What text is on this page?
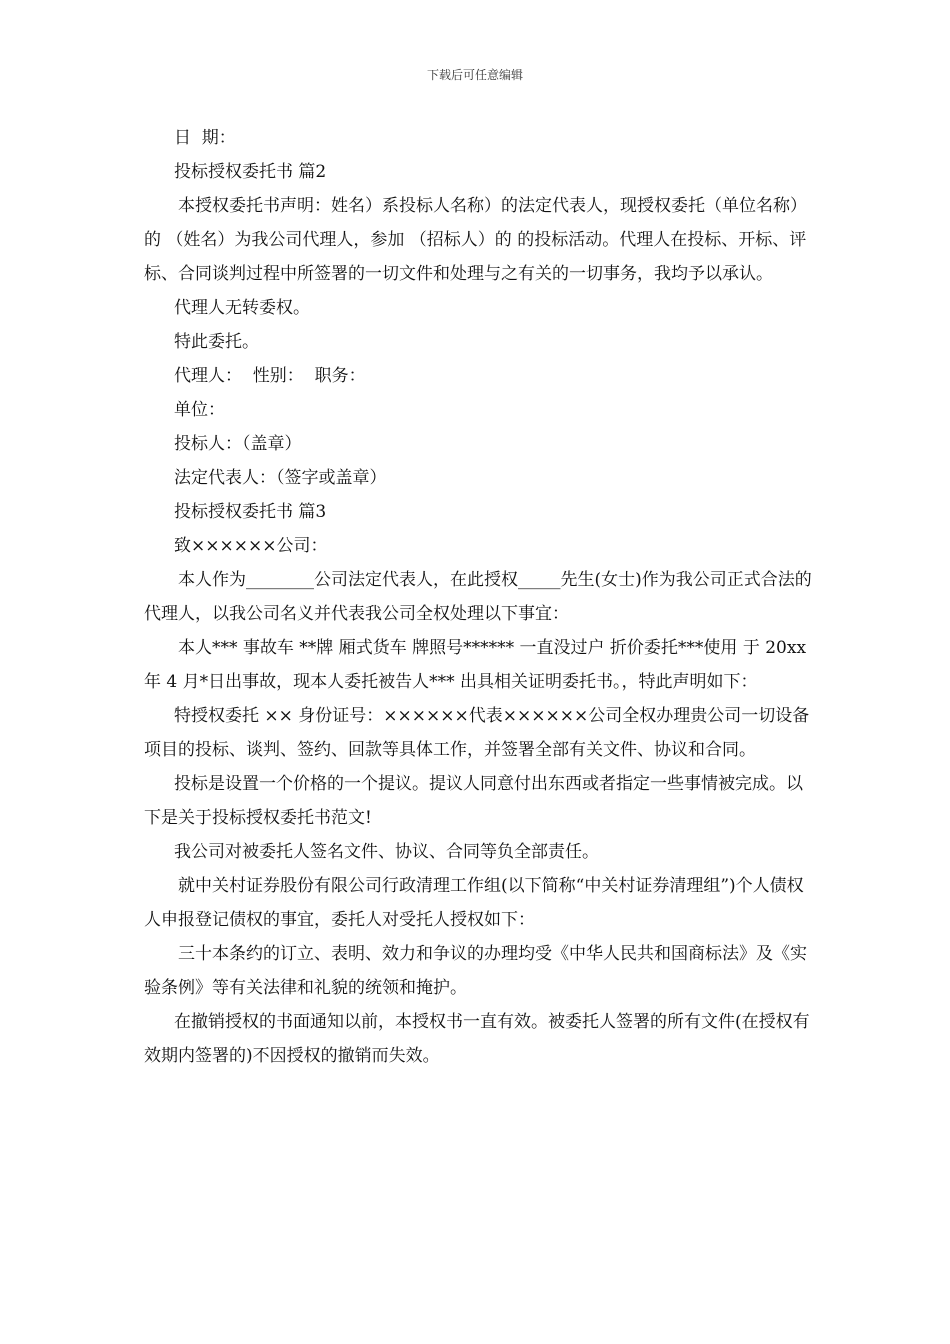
下载后可任意编辑
日  期：
投标授权委托书 篇2
本授权委托书声明：姓名）系投标人名称）的法定代表人，现授权委托（单位名称）的 （姓名）为我公司代理人，参加 （招标人）的 的投标活动。代理人在投标、开标、评标、合同谈判过程中所签署的一切文件和处理与之有关的一切事务，我均予以承认。
代理人无转委权。
特此委托。
代理人：  性别：  职务：
单位：
投标人：（盖章）
法定代表人：（签字或盖章）
投标授权委托书 篇3
致××××××公司：
本人作为________公司法定代表人，在此授权_____先生(女士)作为我公司正式合法的代理人，以我公司名义并代表我公司全权处理以下事宜：
本人*** 事故车 **牌 厢式货车 牌照号****** 一直没过户 折价委托***使用 于 20xx 年 4 月*日出事故，现本人委托被告人*** 出具相关证明委托书。，特此声明如下：
特授权委托 ×× 身份证号：××××××代表××××××公司全权办理贵公司一切设备项目的投标、谈判、签约、回款等具体工作，并签署全部有关文件、协议和合同。
投标是设置一个价格的一个提议。提议人同意付出东西或者指定一些事情被完成。以下是关于投标授权委托书范文!
我公司对被委托人签名文件、协议、合同等负全部责任。
就中关村证券股份有限公司行政清理工作组(以下简称“中关村证券清理组”)个人债权人申报登记债权的事宜，委托人对受托人授权如下：
三十本条约的订立、表明、效力和争议的办理均受《中华人民共和国商标法》及《实验条例》等有关法律和礼貌的统领和掩护。
在撤销授权的书面通知以前，本授权书一直有效。被委托人签署的所有文件(在授权有效期内签署的)不因授权的撤销而失效。
